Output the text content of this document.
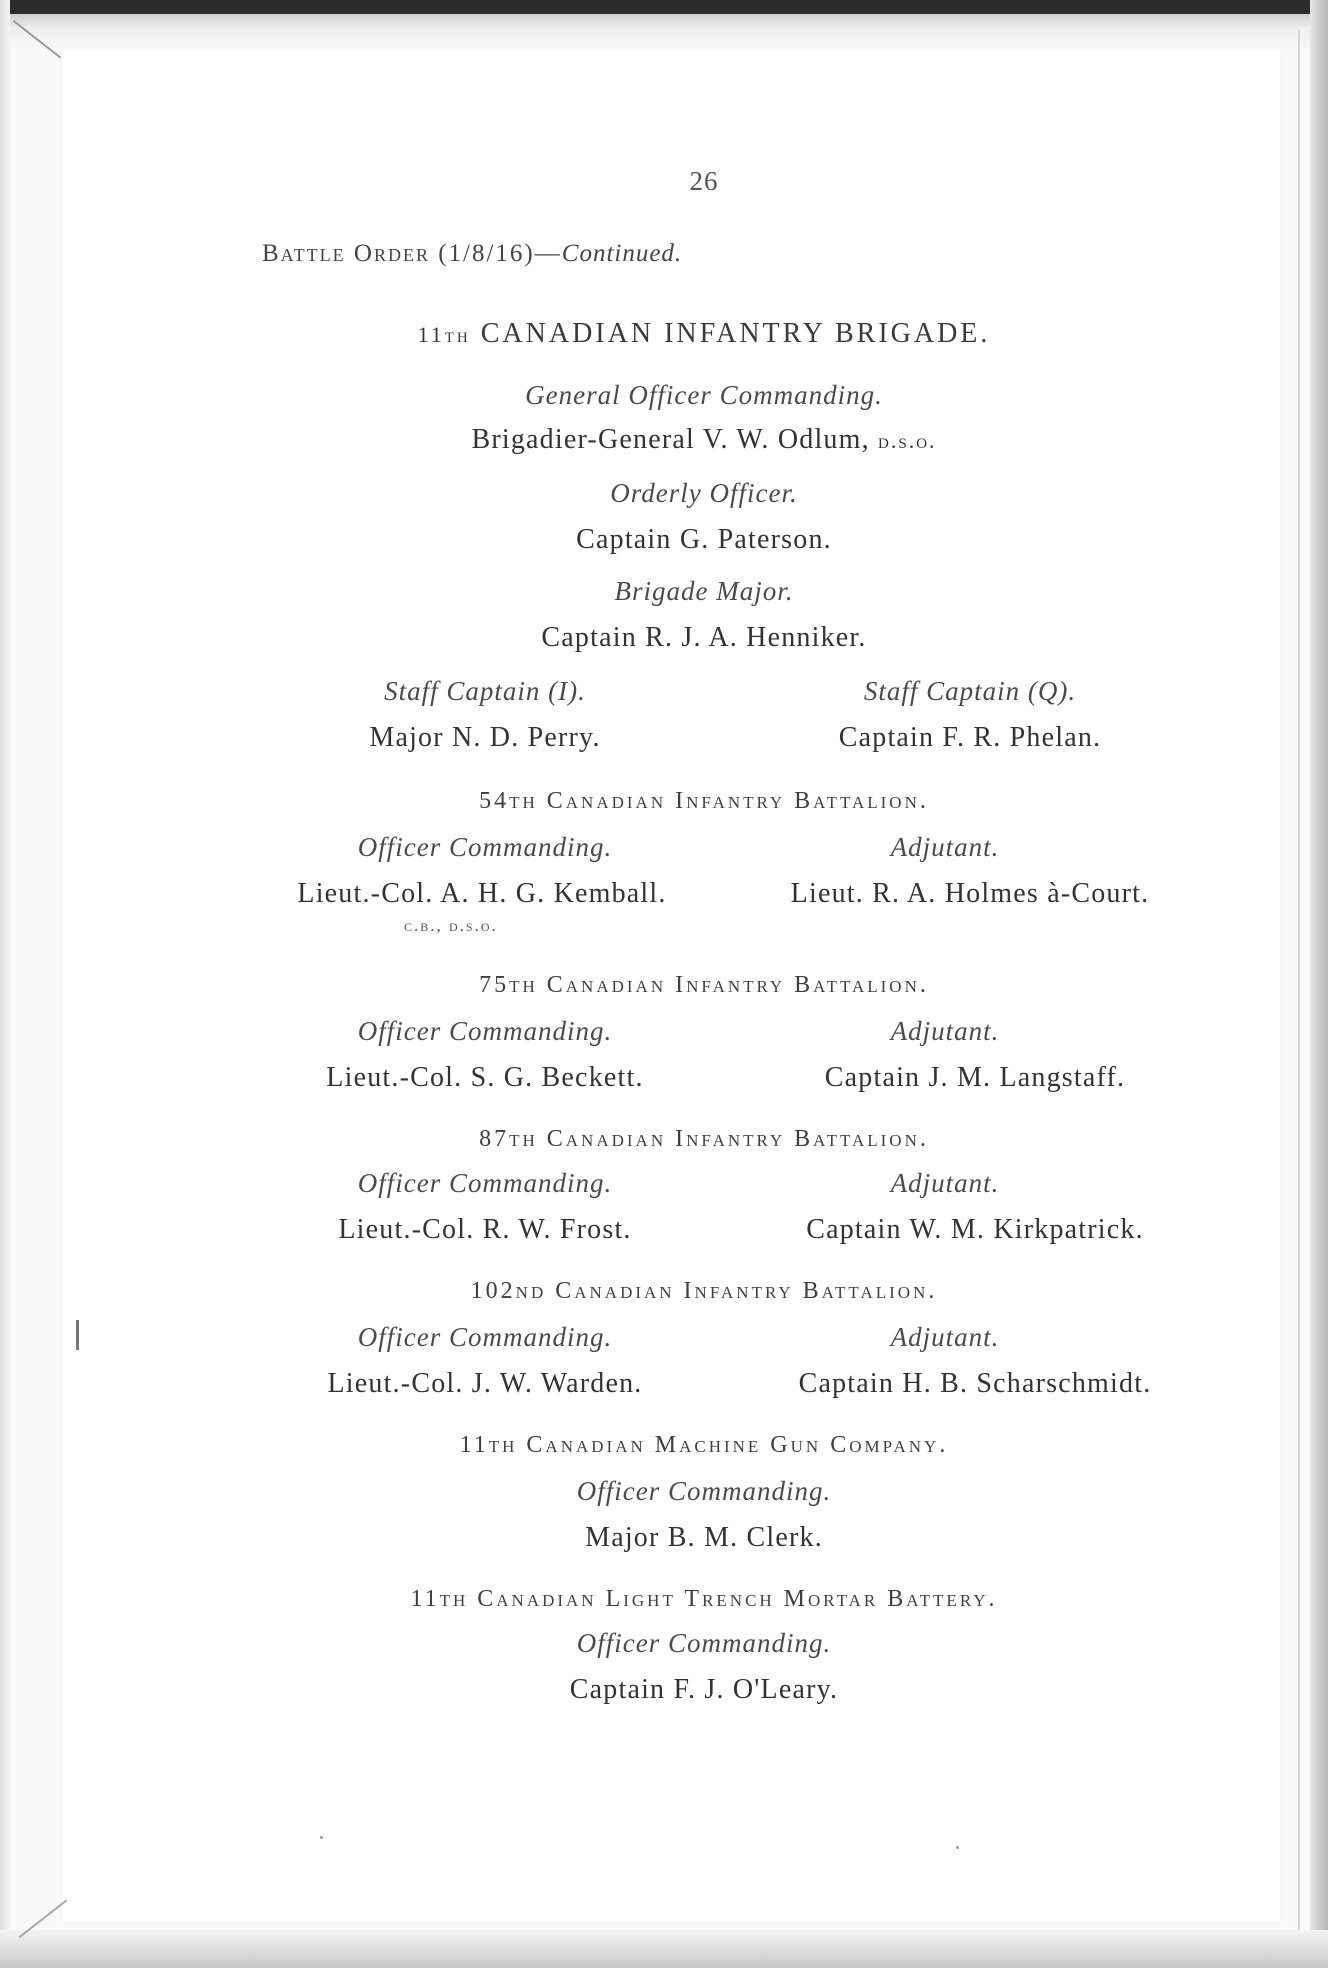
26
Battle Order (1/8/16)—Continued.
11th CANADIAN INFANTRY BRIGADE.
General Officer Commanding.
Brigadier-General V. W. Odlum, d.s.o.
Orderly Officer.
Captain G. Paterson.
Brigade Major.
Captain R. J. A. Henniker.
Staff Captain (I).	Staff Captain (Q).
Major N. D. Perry.	Captain F. R. Phelan.
54th Canadian Infantry Battalion.
Officer Commanding.	Adjutant.
Lieut.-Col. A. H. G. Kemball.	Lieut. R. A. Holmes à-Court.
c.b., d.s.o.
75th Canadian Infantry Battalion.
Officer Commanding.	Adjutant.
Lieut.-Col. S. G. Beckett.	Captain J. M. Langstaff.
87th Canadian Infantry Battalion.
Officer Commanding.	Adjutant.
Lieut.-Col. R. W. Frost.	Captain W. M. Kirkpatrick.
102nd Canadian Infantry Battalion.
Officer Commanding.	Adjutant.
Lieut.-Col. J. W. Warden.	Captain H. B. Scharschmidt.
11th Canadian Machine Gun Company.
Officer Commanding.
Major B. M. Clerk.
11th Canadian Light Trench Mortar Battery.
Officer Commanding.
Captain F. J. O'Leary.
